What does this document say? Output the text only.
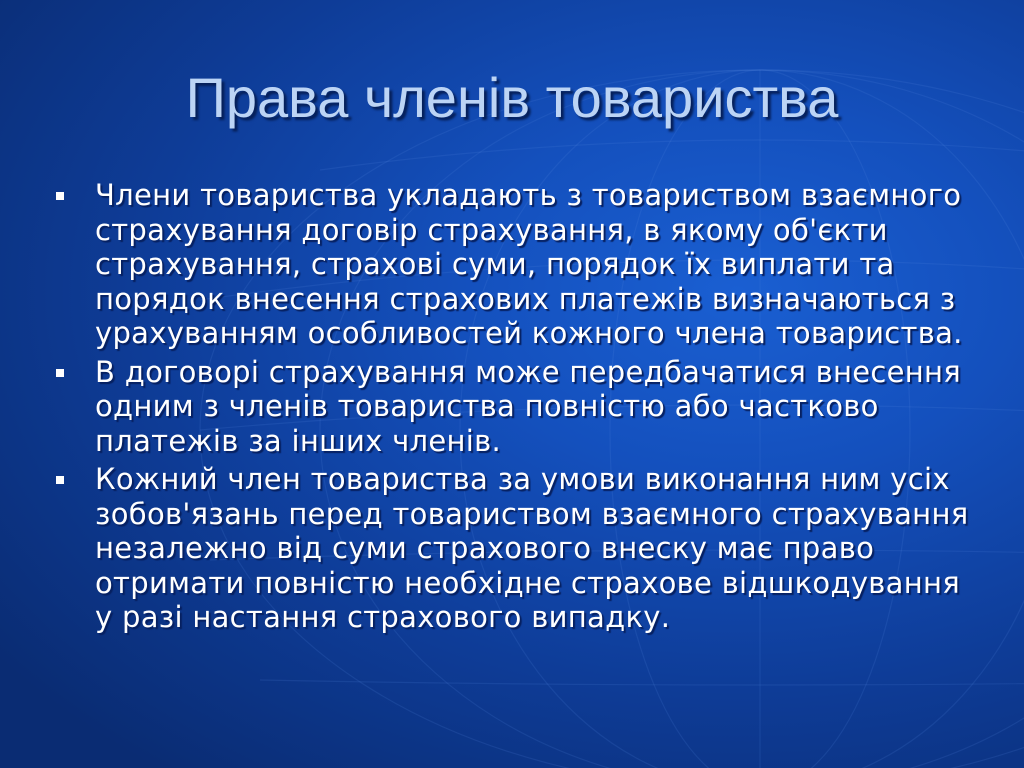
Права членів товариства
Члени товариства укладають з товариством взаємного страхування договір страхування, в якому об'єкти страхування, страхові суми, порядок їх виплати та порядок внесення страхових платежів визначаються з урахуванням особливостей кожного члена товариства.
В договорі страхування може передбачатися внесення одним з членів товариства повністю або частково платежів за інших членів.
Кожний член товариства за умови виконання ним усіх зобов'язань перед товариством взаємного страхування незалежно від суми страхового внеску має право отримати повністю необхідне страхове відшкодування у разі настання страхового випадку.
